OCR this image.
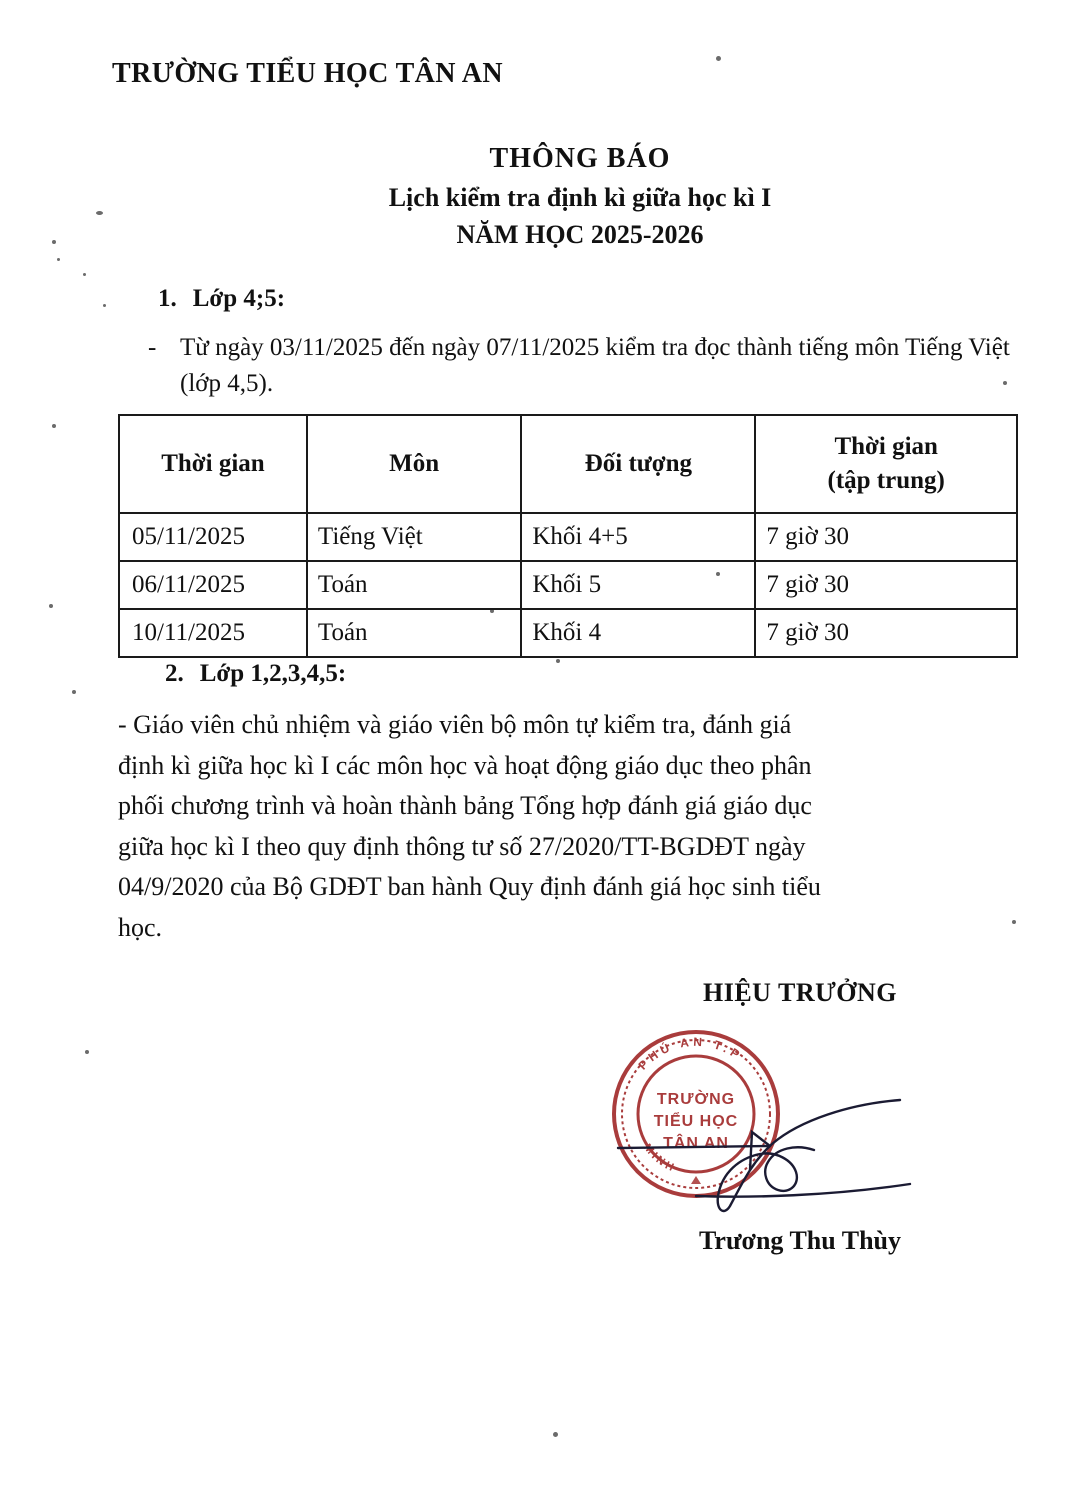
TRƯỜNG TIỂU HỌC TÂN AN
THÔNG BÁO
Lịch kiểm tra định kì giữa học kì I
NĂM HỌC 2025-2026
1. Lớp 4;5:
- Từ ngày 03/11/2025 đến ngày 07/11/2025 kiểm tra đọc thành tiếng môn Tiếng Việt (lớp 4,5).
Thời gian	Môn	Đối tượng	Thời gian
(tập trung)

05/11/2025	Tiếng Việt	Khối 4+5	7 giờ 30
06/11/2025	Toán	Khối 5	7 giờ 30
10/11/2025	Toán	Khối 4	7 giờ 30
2. Lớp 1,2,3,4,5:
- Giáo viên chủ nhiệm và giáo viên bộ môn tự kiểm tra, đánh giá
định kì giữa học kì I các môn học và hoạt động giáo dục theo phân
phối chương trình và hoàn thành bảng Tổng hợp đánh giá giáo dục
giữa học kì I theo quy định thông tư số 27/2020/TT-BGDĐT ngày
04/9/2020 của Bộ GDĐT ban hành Quy định đánh giá học sinh tiểu
học.
HIỆU TRƯỞNG
PHÚ AN T.P
MINH
TRƯỜNG
TIỂU HỌC
TÂN AN
Trương Thu Thùy
